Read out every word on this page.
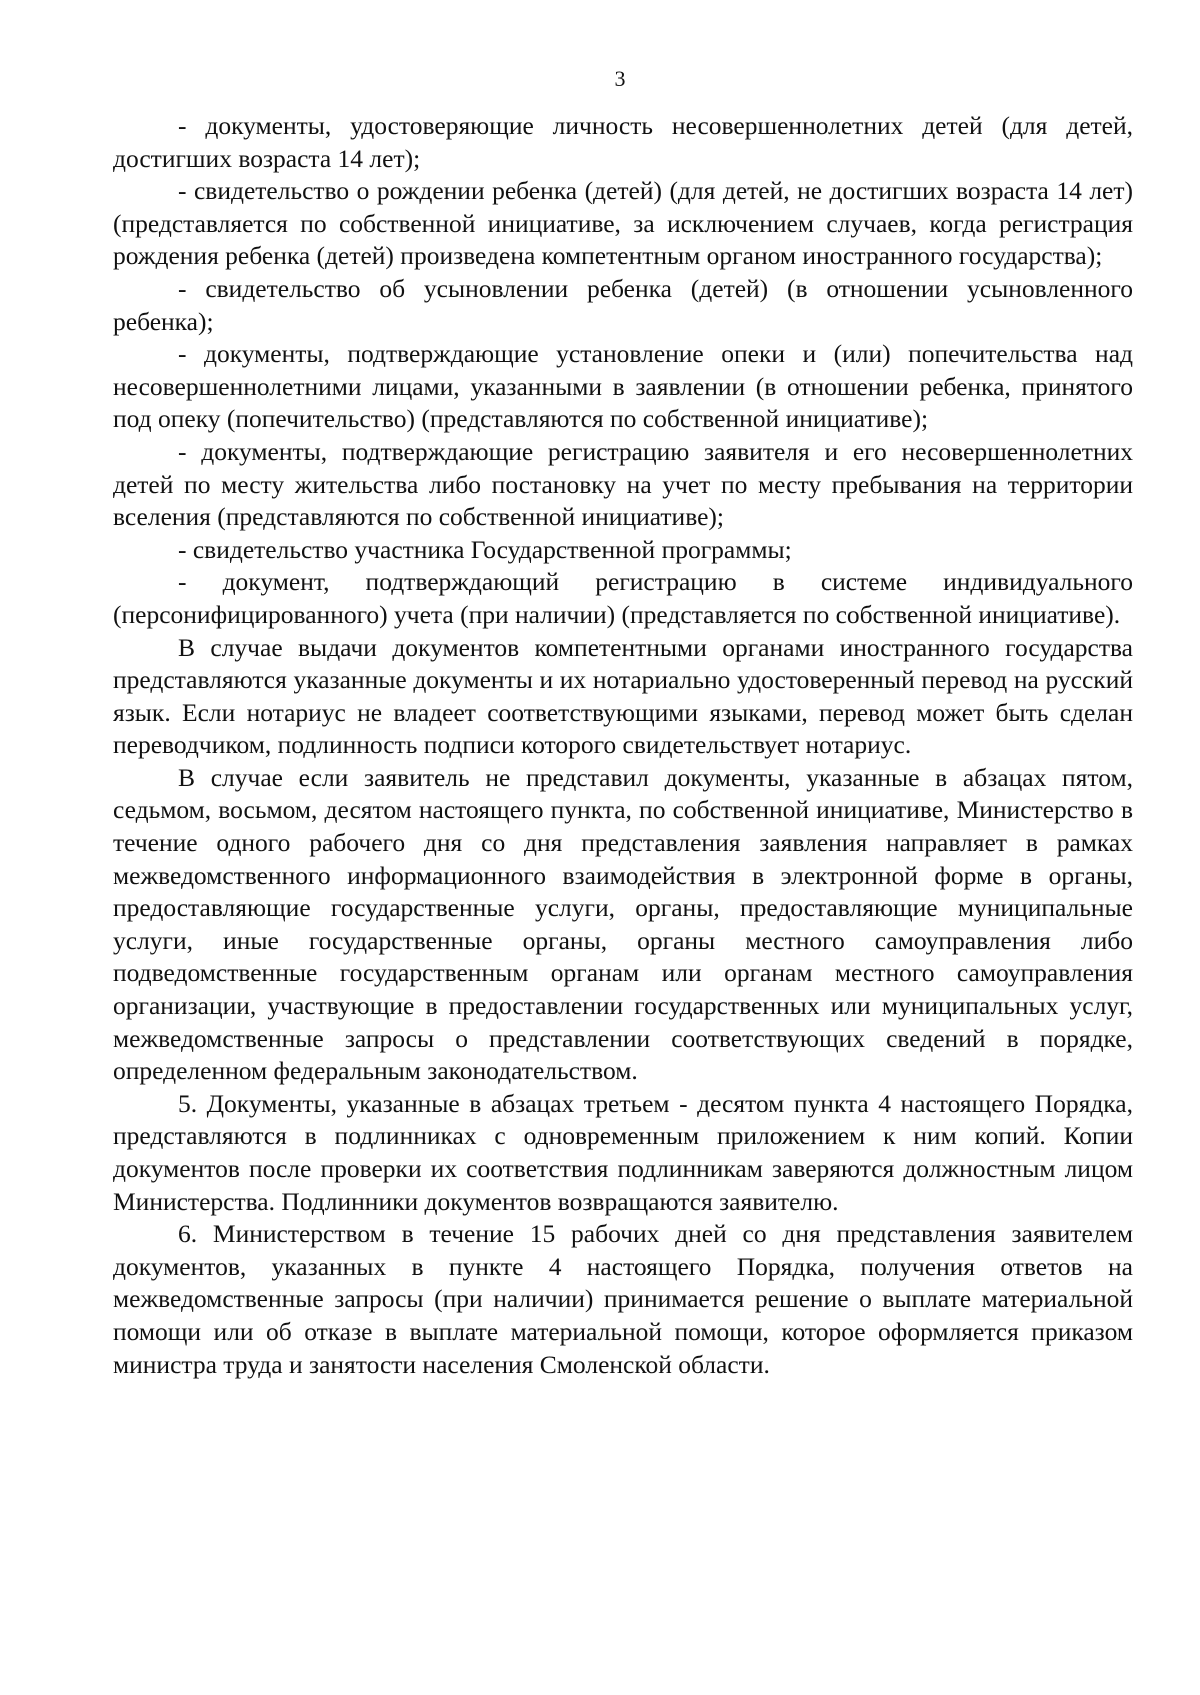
3

- документы, удостоверяющие личность несовершеннолетних детей (для детей, достигших возраста 14 лет);

- свидетельство о рождении ребенка (детей) (для детей, не достигших возраста 14 лет) (представляется по собственной инициативе, за исключением случаев, когда регистрация рождения ребенка (детей) произведена компетентным органом иностранного государства);

- свидетельство об усыновлении ребенка (детей) (в отношении усыновленного ребенка);

- документы, подтверждающие установление опеки и (или) попечительства над несовершеннолетними лицами, указанными в заявлении (в отношении ребенка, принятого под опеку (попечительство) (представляются по собственной инициативе);

- документы, подтверждающие регистрацию заявителя и его несовершеннолетних детей по месту жительства либо постановку на учет по месту пребывания на территории вселения (представляются по собственной инициативе);

- свидетельство участника Государственной программы;

- документ, подтверждающий регистрацию в системе индивидуального (персонифицированного) учета (при наличии) (представляется по собственной инициативе).

В случае выдачи документов компетентными органами иностранного государства представляются указанные документы и их нотариально удостоверенный перевод на русский язык. Если нотариус не владеет соответствующими языками, перевод может быть сделан переводчиком, подлинность подписи которого свидетельствует нотариус.

В случае если заявитель не представил документы, указанные в абзацах пятом, седьмом, восьмом, десятом настоящего пункта, по собственной инициативе, Министерство в течение одного рабочего дня со дня представления заявления направляет в рамках межведомственного информационного взаимодействия в электронной форме в органы, предоставляющие государственные услуги, органы, предоставляющие муниципальные услуги, иные государственные органы, органы местного самоуправления либо подведомственные государственным органам или органам местного самоуправления организации, участвующие в предоставлении государственных или муниципальных услуг, межведомственные запросы о представлении соответствующих сведений в порядке, определенном федеральным законодательством.

5. Документы, указанные в абзацах третьем - десятом пункта 4 настоящего Порядка, представляются в подлинниках с одновременным приложением к ним копий. Копии документов после проверки их соответствия подлинникам заверяются должностным лицом Министерства. Подлинники документов возвращаются заявителю.

6. Министерством в течение 15 рабочих дней со дня представления заявителем документов, указанных в пункте 4 настоящего Порядка, получения ответов на межведомственные запросы (при наличии) принимается решение о выплате материальной помощи или об отказе в выплате материальной помощи, которое оформляется приказом министра труда и занятости населения Смоленской области.
